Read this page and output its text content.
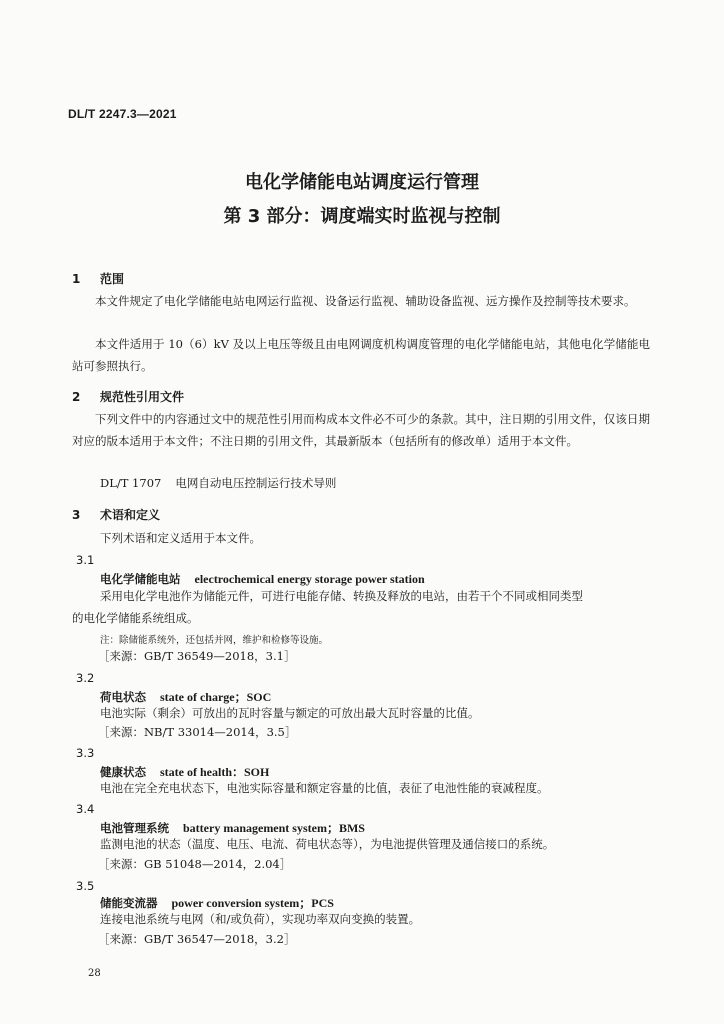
DL/T 2247.3—2021
电化学储能电站调度运行管理
第 3 部分：调度端实时监视与控制
1 范围

本文件规定了电化学储能电站电网运行监视、设备运行监视、辅助设备监视、远方操作及控制等技术要求。

本文件适用于 10（6）kV 及以上电压等级且由电网调度机构调度管理的电化学储能电站，其他电化学储能电站可参照执行。

2 规范性引用文件

下列文件中的内容通过文中的规范性引用而构成本文件必不可少的条款。其中，注日期的引用文件，仅该日期对应的版本适用于本文件；不注日期的引用文件，其最新版本（包括所有的修改单）适用于本文件。

DL/T 1707 电网自动电压控制运行技术导则
3 术语和定义
下列术语和定义适用于本文件。
3.1
电化学储能电站 electrochemical energy storage power station
采用电化学电池作为储能元件，可进行电能存储、转换及释放的电站，由若干个不同或相同类型
的电化学储能系统组成。
注：除储能系统外，还包括并网，维护和检修等设施。
［来源：GB/T 36549—2018，3.1］
3.2
荷电状态 state of charge；SOC
电池实际（剩余）可放出的瓦时容量与额定的可放出最大瓦时容量的比值。
［来源：NB/T 33014—2014，3.5］
3.3
健康状态 state of health：SOH
电池在完全充电状态下，电池实际容量和额定容量的比值，表征了电池性能的衰减程度。
3.4
电池管理系统 battery management system；BMS
监测电池的状态（温度、电压、电流、荷电状态等），为电池提供管理及通信接口的系统。
［来源：GB 51048—2014，2.04］
3.5
储能变流器 power conversion system；PCS
连接电池系统与电网（和/或负荷），实现功率双向变换的装置。
［来源：GB/T 36547—2018，3.2］
28
